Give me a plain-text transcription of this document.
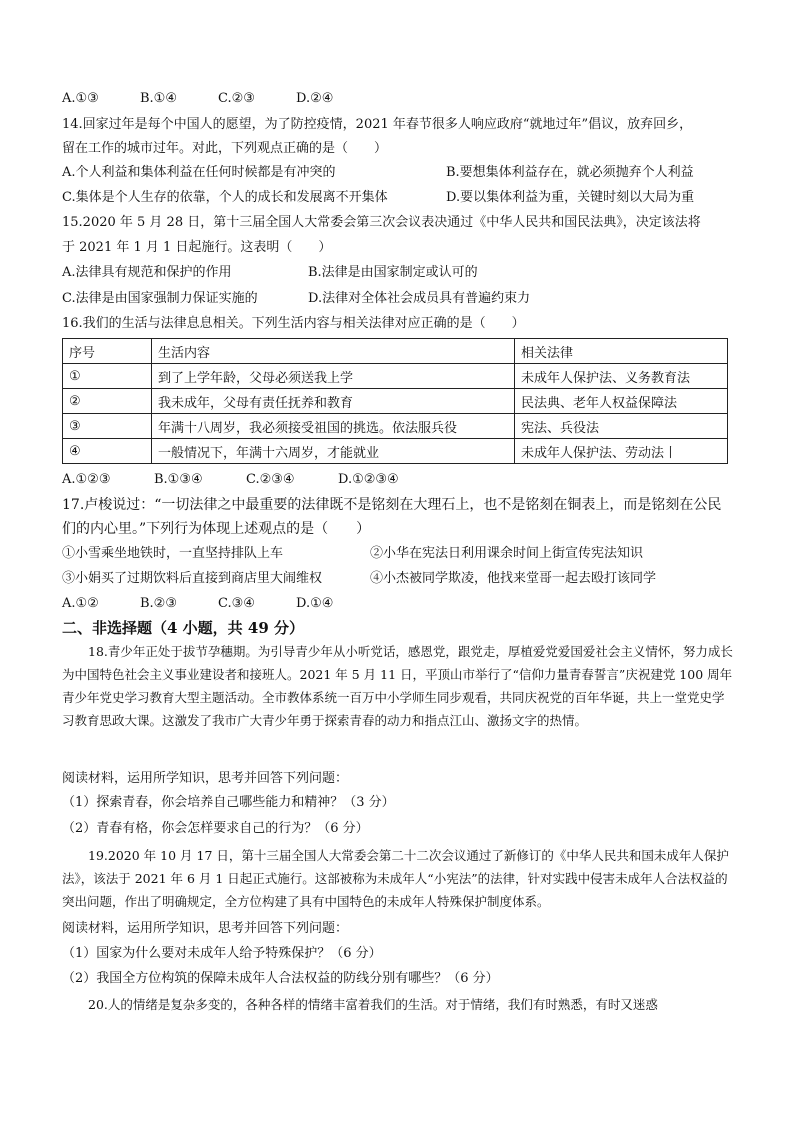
A.①③	B.①④	C.②③	D.②④
14.回家过年是每个中国人的愿望，为了防控疫情，2021 年春节很多人响应政府“就地过年”倡议，放弃回乡，
留在工作的城市过年。对此，下列观点正确的是（　　）
A.个人利益和集体利益在任何时候都是有冲突的	B.要想集体利益存在，就必须抛弃个人利益
C.集体是个人生存的依靠，个人的成长和发展离不开集体	D.要以集体利益为重，关键时刻以大局为重
15.2020 年 5 月 28 日，第十三届全国人大常委会第三次会议表决通过《中华人民共和国民法典》，决定该法将
于 2021 年 1 月 1 日起施行。这表明（　　）
A.法律具有规范和保护的作用	B.法律是由国家制定或认可的
C.法律是由国家强制力保证实施的	D.法律对全体社会成员具有普遍约束力
16.我们的生活与法律息息相关。下列生活内容与相关法律对应正确的是（　　）
序号	生活内容	相关法律
①	到了上学年龄，父母必须送我上学	未成年人保护法、义务教育法
②	我未成年，父母有责任抚养和教育	民法典、老年人权益保障法
③	年满十八周岁，我必须接受祖国的挑选。依法服兵役	宪法、兵役法
④	一般情况下，年满十六周岁，才能就业	未成年人保护法、劳动法丨
A.①②③	B.①③④	C.②③④	D.①②③④
17.卢梭说过：“一切法律之中最重要的法律既不是铭刻在大理石上，也不是铭刻在铜表上，而是铭刻在公民
们的内心里。”下列行为体现上述观点的是（　　）
①小雪乘坐地铁时，一直坚持排队上车	②小华在宪法日利用课余时间上街宣传宪法知识
③小娟买了过期饮料后直接到商店里大闹维权	④小杰被同学欺凌，他找来堂哥一起去殴打该同学
A.①②	B.②③	C.③④	D.①④
二、非选择题（4 小题，共 49 分）
18.青少年正处于拔节孕穗期。为引导青少年从小听党话，感恩党，跟党走，厚植爱党爱国爱社会主义情怀，努力成长为中国特色社会主义事业建设者和接班人。2021 年 5 月 11 日，平顶山市举行了“信仰力量青春誓言”庆祝建党 100 周年青少年党史学习教育大型主题活动。全市教体系统一百万中小学师生同步观看，共同庆祝党的百年华诞，共上一堂党史学习教育思政大课。这激发了我市广大青少年勇于探索青春的动力和指点江山、激扬文字的热情。
阅读材料，运用所学知识，思考并回答下列问题：
（1）探索青春，你会培养自己哪些能力和精神？（3 分）
（2）青春有格，你会怎样要求自己的行为？（6 分）
19.2020 年 10 月 17 日，第十三届全国人大常委会第二十二次会议通过了新修订的《中华人民共和国未成年人保护法》，该法于 2021 年 6 月 1 日起正式施行。这部被称为未成年人“小宪法”的法律，针对实践中侵害未成年人合法权益的突出问题，作出了明确规定，全方位构建了具有中国特色的未成年人特殊保护制度体系。
阅读材料，运用所学知识，思考并回答下列问题：
（1）国家为什么要对未成年人给予特殊保护？（6 分）
（2）我国全方位构筑的保障未成年人合法权益的防线分别有哪些？（6 分）
20.人的情绪是复杂多变的，各种各样的情绪丰富着我们的生活。对于情绪，我们有时熟悉，有时又迷惑
